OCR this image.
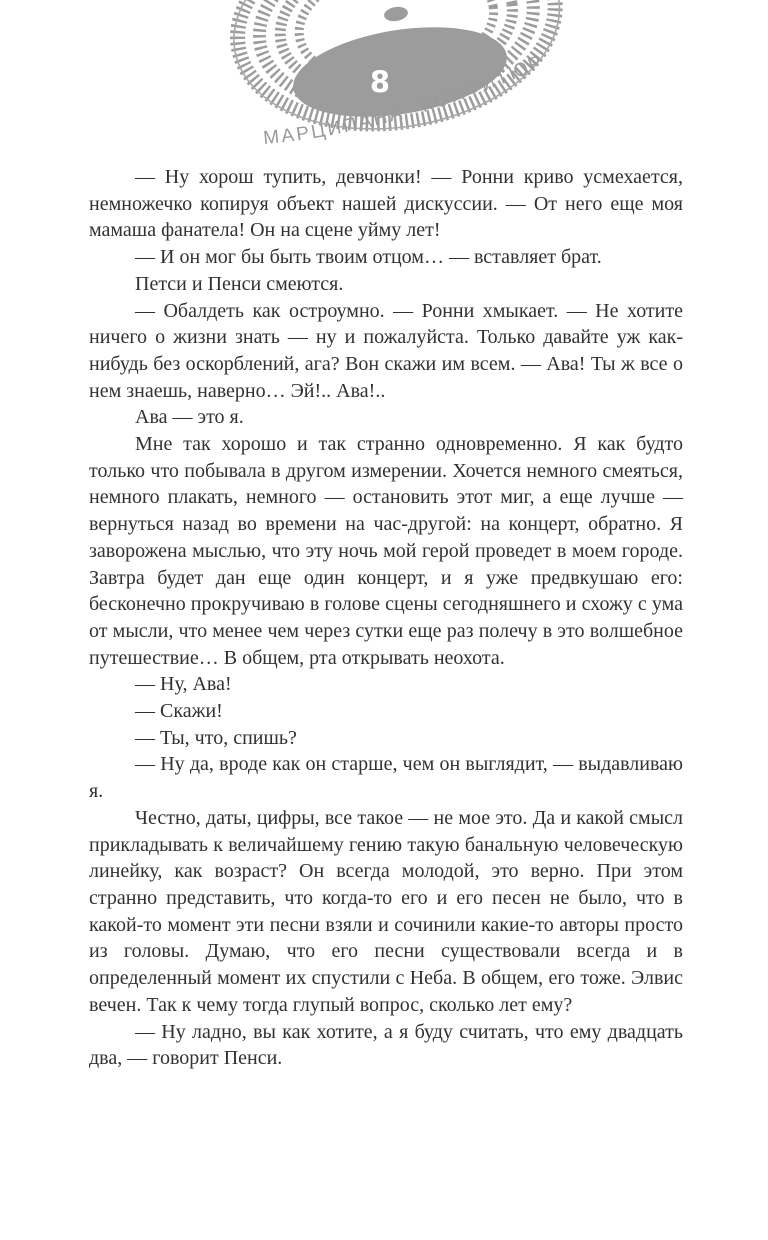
8
МАРЦИПАНА КОНФИТЮР

— Ну хорош тупить, девчонки! — Ронни криво усмехается, немножечко копируя объект нашей дискуссии. — От него еще моя мамаша фанатела! Он на сцене уйму лет!

— И он мог бы быть твоим отцом… — вставляет брат.

Петси и Пенси смеются.

— Обалдеть как остроумно. — Ронни хмыкает. — Не хотите ничего о жизни знать — ну и пожалуйста. Только давайте уж как-нибудь без оскорблений, ага? Вон скажи им всем. — Ава! Ты ж все о нем знаешь, наверно… Эй!.. Ава!..

Ава — это я.

Мне так хорошо и так странно одновременно. Я как будто только что побывала в другом измерении. Хочется немного смеяться, немного плакать, немного — остановить этот миг, а еще лучше — вернуться назад во времени на час-другой: на концерт, обратно. Я заворожена мыслью, что эту ночь мой герой проведет в моем городе. Завтра будет дан еще один концерт, и я уже предвкушаю его: бесконечно прокручиваю в голове сцены сегодняшнего и схожу с ума от мысли, что менее чем через сутки еще раз полечу в это волшебное путешествие… В общем, рта открывать неохота.

— Ну, Ава!

— Скажи!

— Ты, что, спишь?

— Ну да, вроде как он старше, чем он выглядит, — выдавливаю я.

Честно, даты, цифры, все такое — не мое это. Да и какой смысл прикладывать к величайшему гению такую банальную человеческую линейку, как возраст? Он всегда молодой, это верно. При этом странно представить, что когда-то его и его песен не было, что в какой-то момент эти песни взяли и сочинили какие-то авторы просто из головы. Думаю, что его песни существовали всегда и в определенный момент их спустили с Неба. В общем, его тоже. Элвис вечен. Так к чему тогда глупый вопрос, сколько лет ему?

— Ну ладно, вы как хотите, а я буду считать, что ему двадцать два, — говорит Пенси.
